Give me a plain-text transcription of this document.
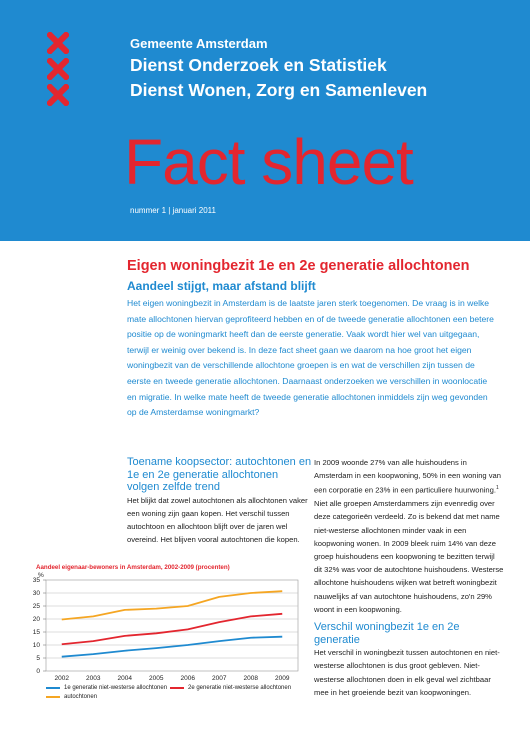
Gemeente Amsterdam
Dienst Onderzoek en Statistiek
Dienst Wonen, Zorg en Samenleven
Fact sheet
nummer 1 | januari 2011
Eigen woningbezit 1e en 2e generatie allochtonen
Aandeel stijgt, maar afstand blijft

Het eigen woningbezit in Amsterdam is de laatste jaren sterk toegenomen. De vraag is in welke mate allochtonen hiervan geprofiteerd hebben en of de tweede generatie allochtonen een betere positie op de woningmarkt heeft dan de eerste generatie. Vaak wordt hier wel van uitgegaan, terwijl er weinig over bekend is. In deze fact sheet gaan we daarom na hoe groot het eigen woningbezit van de verschillende allochtone groepen is en wat de verschillen zijn tussen de eerste en tweede generatie allochtonen. Daarnaast onderzoeken we verschillen in woonlocatie en migratie. In welke mate heeft de tweede generatie allochtonen inmiddels zijn weg gevonden op de Amsterdamse woningmarkt?

Toename koopsector: autochtonen en 1e en 2e generatie allochtonen volgen zelfde trend

Het blijkt dat zowel autochtonen als allochtonen vaker een woning zijn gaan kopen. Het verschil tussen autochtoon en allochtoon blijft over de jaren wel overeind. Het blijven vooral autochtonen die kopen.

In 2009 woonde 27% van alle huishoudens in Amsterdam in een koopwoning, 50% in een woning van een corporatie en 23% in een particuliere huurwoning.$^1$ Niet alle groepen Amsterdammers zijn evenredig over deze categorieën verdeeld. Zo is bekend dat met name niet-westerse allochtonen minder vaak in een koopwoning wonen. In 2009 bleek ruim 14% van deze groep huishoudens een koopwoning te bezitten terwijl dit 32% was voor de autochtone huishoudens. Westerse allochtone huishoudens wijken wat betreft woningbezit nauwelijks af van autochtone huishoudens, zo'n 29% woont in een koopwoning.

Verschil woningbezit 1e en 2e generatie

Het verschil in woningbezit tussen autochtonen en niet-westerse allochtonen is dus groot gebleven. Niet-westerse allochtonen doen in elk geval wel zichtbaar mee in het groeiende bezit van koopwoningen.

Aandeel eigenaar-bewoners in Amsterdam, 2002-2009 (procenten)
0
5
10
15
20
25
30
35
%
2002	2003	2004	2005	2006	2007	2008	2009
1e generatie niet-westerse allochtonen	2e generatie niet-westerse allochtonen
autochtonen
